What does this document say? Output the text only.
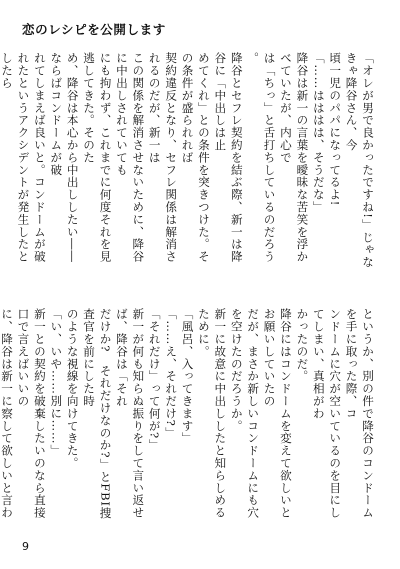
恋のレシピを公開します

「オレが男で良かったですね!」じゃなきゃ降谷さん、今

頃一児のパパになってるよ!

「……はははは、そうだな」

降谷は新一の言葉を曖昧な苦笑を浮かべていたが、内心で

は「ちっ」と舌打ちしているのだろう。

降谷とセフレ契約を結ぶ際、新一は降谷に「中出しは止

めてくれ」との条件を突きつけた。その条件が盛られれば

契約違反となり、セフレ関係は解消されるのだが、新一は

この関係を解消させないために、降谷に中出しされていても

にも拘わず、これまでに何度それを見逃してきた。そのた

め、降谷は本心から中出ししたい――ならばコンドームが破

れてしまえば良いと。コンドームが破れたというアクシデントが発生したとしたら

というか、別の件で降谷のコンドームを手に取った際、コ

ンドームに穴が空いているのを目にしてしまい、真相がわ

かったのだ。

降谷にはコンドームを変えて欲しいとお願いしていたの

だが、まさか新しいコンドームにも穴を空けたのだろうか。

新一に故意に中出ししたと知らしめるために。

「風呂、入ってきます」

「……え、それだけ?」

「それだけ」って何が?」

新一が何も知らぬ振りをして言い返せば、降谷は「それ

だけか?　それだけなのか?」とFBI捜査官を前にした時

のような視線を向けてきた。

「い、いや……別に……」

新一との契約を破棄したいのなら直接口で言えばいいの

に、降谷は新一に察して欲しいと言わ

9
